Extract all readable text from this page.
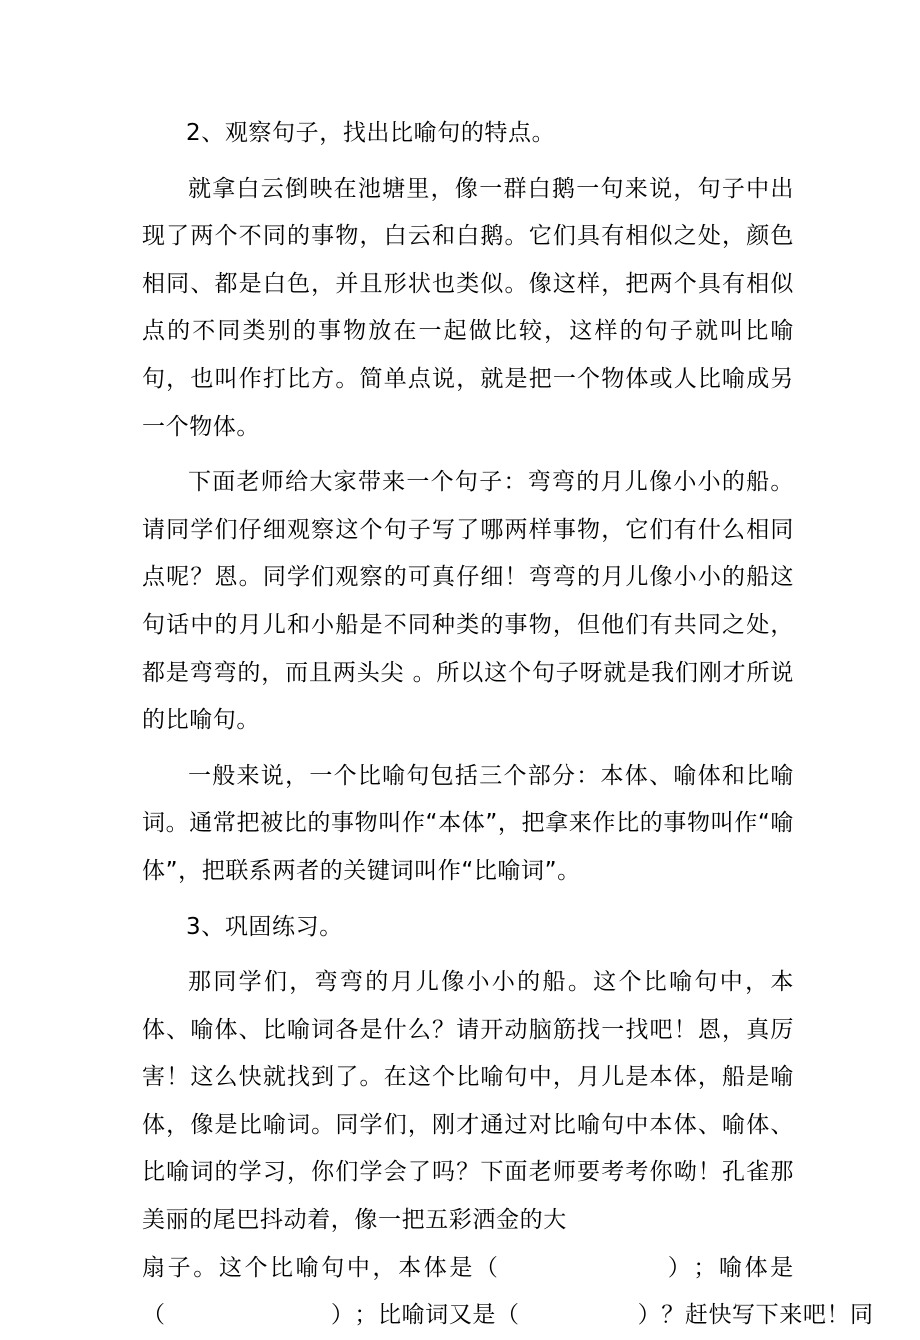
2、观察句子，找出比喻句的特点。

就拿白云倒映在池塘里，像一群白鹅一句来说，句子中出现了两个不同的事物，白云和白鹅。它们具有相似之处，颜色相同、都是白色，并且形状也类似。像这样，把两个具有相似点的不同类别的事物放在一起做比较，这样的句子就叫比喻句，也叫作打比方。简单点说，就是把一个物体或人比喻成另一个物体。

下面老师给大家带来一个句子：弯弯的月儿像小小的船。请同学们仔细观察这个句子写了哪两样事物，它们有什么相同点呢？恩。同学们观察的可真仔细！弯弯的月儿像小小的船这句话中的月儿和小船是不同种类的事物，但他们有共同之处，都是弯弯的，而且两头尖 。所以这个句子呀就是我们刚才所说的比喻句。

一般来说，一个比喻句包括三个部分：本体、喻体和比喻词。通常把被比的事物叫作“本体”，把拿来作比的事物叫作“喻体”，把联系两者的关键词叫作“比喻词”。

3、巩固练习。

那同学们，弯弯的月儿像小小的船。这个比喻句中，本体、喻体、比喻词各是什么？请开动脑筋找一找吧！恩，真厉害！这么快就找到了。在这个比喻句中，月儿是本体，船是喻体，像是比喻词。同学们，刚才通过对比喻句中本体、喻体、比喻词的学习，你们学会了吗？下面老师要考考你呦！孔雀那美丽的尾巴抖动着，像一把五彩洒金的大
扇 子 。 这 个 比 喻 句 中 ， 本 体 是 （
　　　　　　　	） ； 喻 体 是
（
　　　　　　　	） ；比喻词又是 （
　　　　　	） ？赶快写下来吧！同
